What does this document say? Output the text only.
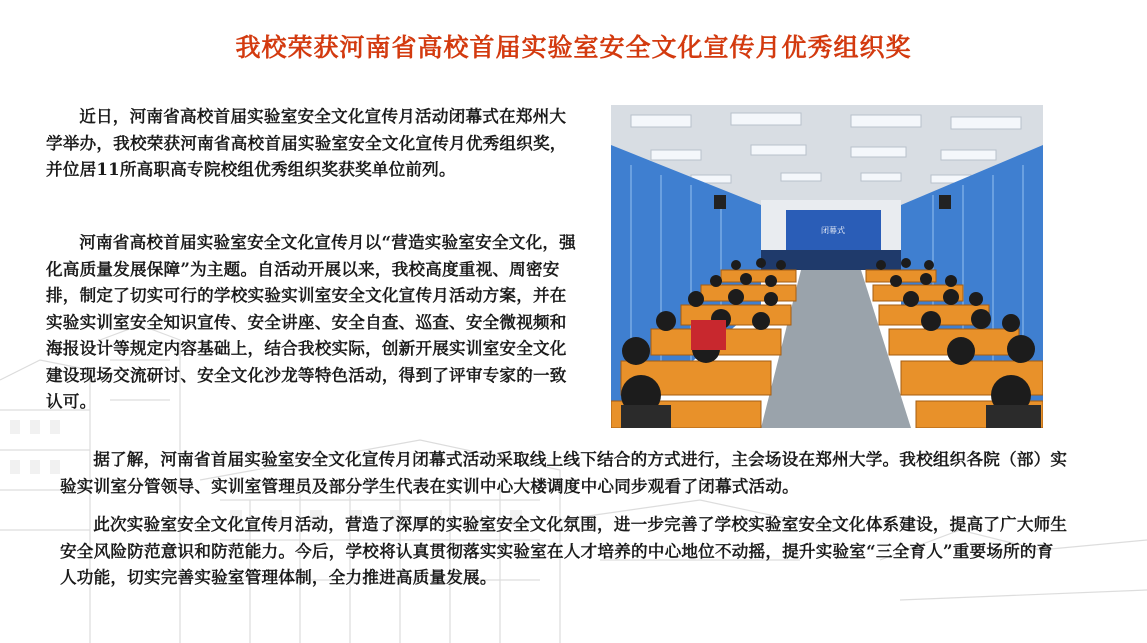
我校荣获河南省高校首届实验室安全文化宣传月优秀组织奖

近日，河南省高校首届实验室安全文化宣传月活动闭幕式在郑州大学举办，我校荣获河南省高校首届实验室安全文化宣传月优秀组织奖，并位居11所高职高专院校组优秀组织奖获奖单位前列。

河南省高校首届实验室安全文化宣传月以“营造实验室安全文化，强化高质量发展保障”为主题。自活动开展以来，我校高度重视、周密安排，制定了切实可行的学校实验实训室安全文化宣传月活动方案，并在实验实训室安全知识宣传、安全讲座、安全自查、巡查、安全微视频和海报设计等规定内容基础上，结合我校实际，创新开展实训室安全文化建设现场交流研讨、安全文化沙龙等特色活动，得到了评审专家的一致认可。

据了解，河南省首届实验室安全文化宣传月闭幕式活动采取线上线下结合的方式进行，主会场设在郑州大学。我校组织各院（部）实验实训室分管领导、实训室管理员及部分学生代表在实训中心大楼调度中心同步观看了闭幕式活动。

此次实验室安全文化宣传月活动，营造了深厚的实验室安全文化氛围，进一步完善了学校实验室安全文化体系建设，提高了广大师生安全风险防范意识和防范能力。今后，学校将认真贯彻落实实验室在人才培养的中心地位不动摇，提升实验室“三全育人”重要场所的育人功能，切实完善实验室管理体制，全力推进高质量发展。

闭幕式
